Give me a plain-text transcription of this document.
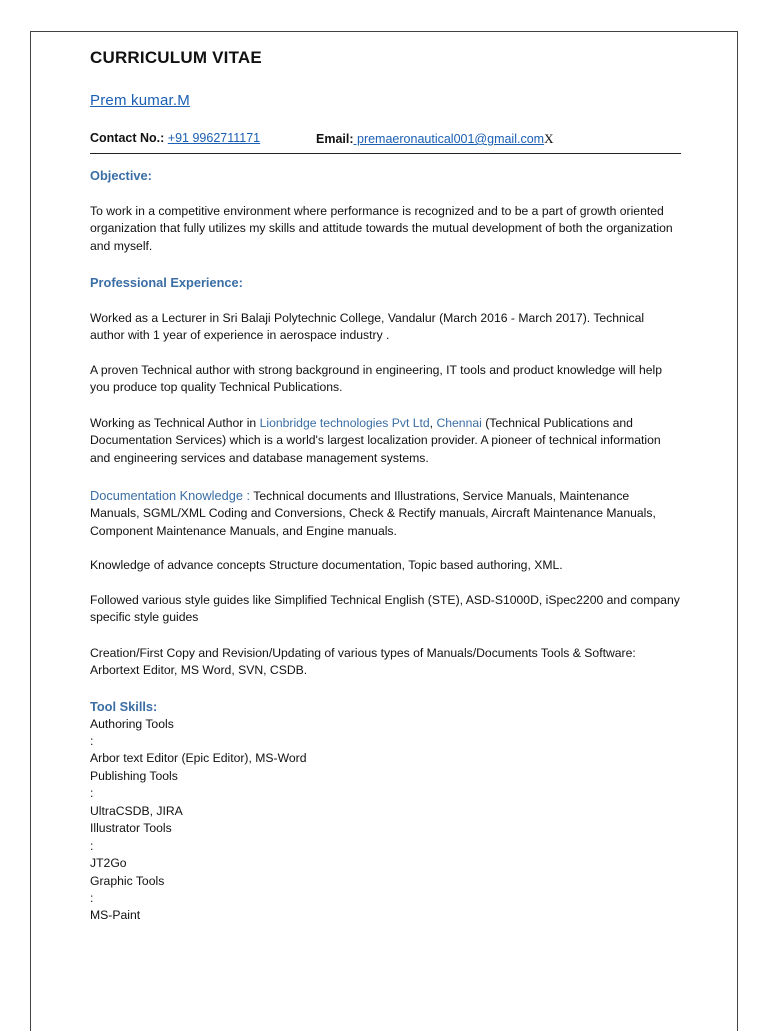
CURRICULUM VITAE
Prem kumar.M
Contact No.: +91 9962711171	Email: premaeronautical001@gmail.comX
Objective:

To work in a competitive environment where performance is recognized and to be a part of growth oriented organization that fully utilizes my skills and attitude towards the mutual development of both the organization and myself.

Professional Experience:

Worked as a Lecturer in Sri Balaji Polytechnic College, Vandalur (March 2016 - March 2017). Technical author with 1 year of experience in aerospace industry .

A proven Technical author with strong background in engineering, IT tools and product knowledge will help you produce top quality Technical Publications.

Working as Technical Author in Lionbridge technologies Pvt Ltd, Chennai (Technical Publications and Documentation Services) which is a world's largest localization provider. A pioneer of technical information and engineering services and database management systems.

Documentation Knowledge : Technical documents and Illustrations, Service Manuals, Maintenance Manuals, SGML/XML Coding and Conversions, Check & Rectify manuals, Aircraft Maintenance Manuals, Component Maintenance Manuals, and Engine manuals.

Knowledge of advance concepts Structure documentation, Topic based authoring, XML.

Followed various style guides like Simplified Technical English (STE), ASD-S1000D, iSpec2200 and company specific style guides

Creation/First Copy and Revision/Updating of various types of Manuals/Documents Tools & Software: Arbortext Editor, MS Word, SVN, CSDB.

Tool Skills:
Authoring Tools
:
Arbor text Editor (Epic Editor), MS-Word
Publishing Tools
:
UltraCSDB, JIRA
Illustrator Tools
:
JT2Go
Graphic Tools
:
MS-Paint
